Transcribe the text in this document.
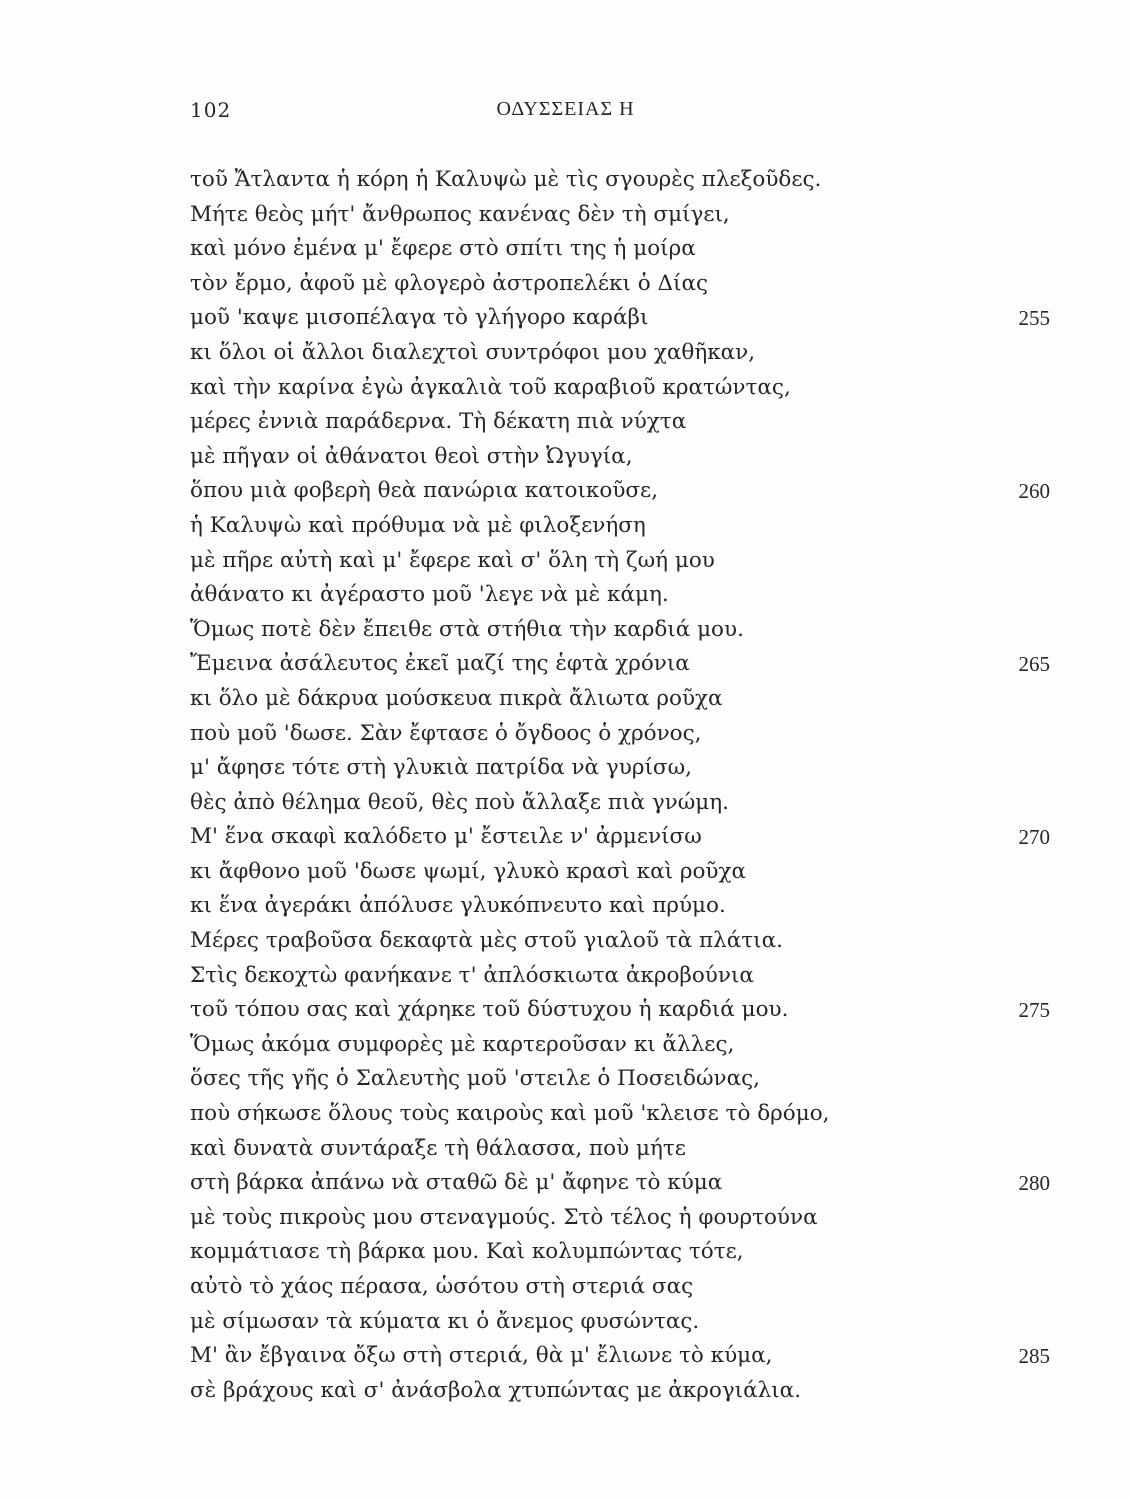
102	ΟΔΥΣΣΕΙΑΣ Η
τοῦ Ἄτλαντα ἡ κόρη ἡ Καλυψὼ μὲ τὶς σγουρὲς πλεξοῦδες.
Μήτε θεὸς μήτ' ἄνθρωπος κανένας δὲν τὴ σμίγει,
καὶ μόνο ἐμένα μ' ἔφερε στὸ σπίτι της ἡ μοίρα
τὸν ἔρμο, ἀφοῦ μὲ φλογερὸ ἀστροπελέκι ὁ Δίας
μοῦ 'καψε μισοπέλαγα τὸ γλήγορο καράβι	255
κι ὅλοι οἱ ἄλλοι διαλεχτοὶ συντρόφοι μου χαθῆκαν,
καὶ τὴν καρίνα ἐγὼ ἀγκαλιὰ τοῦ καραβιοῦ κρατώντας,
μέρες ἐννιὰ παράδερνα. Τὴ δέκατη πιὰ νύχτα
μὲ πῆγαν οἱ ἀθάνατοι θεοὶ στὴν Ὠγυγία,
ὅπου μιὰ φοβερὴ θεὰ πανώρια κατοικοῦσε,	260
ἡ Καλυψὼ καὶ πρόθυμα νὰ μὲ φιλοξενήση
μὲ πῆρε αὐτὴ καὶ μ' ἔφερε καὶ σ' ὅλη τὴ ζωή μου
ἀθάνατο κι ἀγέραστο μοῦ 'λεγε νὰ μὲ κάμη.
Ὅμως ποτὲ δὲν ἔπειθε στὰ στήθια τὴν καρδιά μου.
Ἔμεινα ἀσάλευτος ἐκεῖ μαζί της ἑφτὰ χρόνια	265
κι ὅλο μὲ δάκρυα μούσκευα πικρὰ ἄλιωτα ροῦχα
ποὺ μοῦ 'δωσε. Σὰν ἔφτασε ὁ ὄγδοος ὁ χρόνος,
μ' ἄφησε τότε στὴ γλυκιὰ πατρίδα νὰ γυρίσω,
θὲς ἀπὸ θέλημα θεοῦ, θὲς ποὺ ἄλλαξε πιὰ γνώμη.
Μ' ἕνα σκαφὶ καλόδετο μ' ἔστειλε ν' ἀρμενίσω	270
κι ἄφθονο μοῦ 'δωσε ψωμί, γλυκὸ κρασὶ καὶ ροῦχα
κι ἕνα ἀγεράκι ἀπόλυσε γλυκόπνευτο καὶ πρύμο.
Μέρες τραβοῦσα δεκαφτὰ μὲς στοῦ γιαλοῦ τὰ πλάτια.
Στὶς δεκοχτὼ φανήκανε τ' ἀπλόσκιωτα ἀκροβούνια
τοῦ τόπου σας καὶ χάρηκε τοῦ δύστυχου ἡ καρδιά μου.	275
Ὅμως ἀκόμα συμφορὲς μὲ καρτεροῦσαν κι ἄλλες,
ὅσες τῆς γῆς ὁ Σαλευτὴς μοῦ 'στειλε ὁ Ποσειδώνας,
ποὺ σήκωσε ὅλους τοὺς καιροὺς καὶ μοῦ 'κλεισε τὸ δρόμο,
καὶ δυνατὰ συντάραξε τὴ θάλασσα, ποὺ μήτε
στὴ βάρκα ἀπάνω νὰ σταθῶ δὲ μ' ἄφηνε τὸ κύμα	280
μὲ τοὺς πικροὺς μου στεναγμούς. Στὸ τέλος ἡ φουρτούνα
κομμάτιασε τὴ βάρκα μου. Καὶ κολυμπώντας τότε,
αὐτὸ τὸ χάος πέρασα, ὡσότου στὴ στεριά σας
μὲ σίμωσαν τὰ κύματα κι ὁ ἄνεμος φυσώντας.
Μ' ἂν ἔβγαινα ὄξω στὴ στεριά, θὰ μ' ἔλιωνε τὸ κύμα,	285
σὲ βράχους καὶ σ' ἀνάσβολα χτυπώντας με ἀκρογιάλια.
